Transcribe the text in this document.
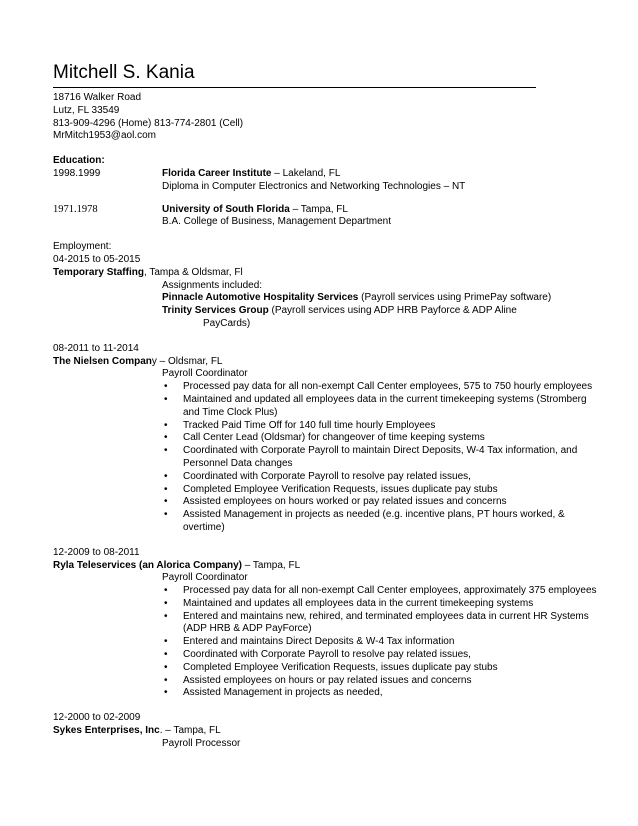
Mitchell S. Kania
18716 Walker Road
Lutz, FL 33549
813-909-4296 (Home) 813-774-2801 (Cell)
MrMitch1953@aol.com
Education:
1998.1999	Florida Career Institute – Lakeland, FL
Diploma in Computer Electronics and Networking Technologies – NT
1971.1978	University of South Florida – Tampa, FL
B.A. College of Business, Management Department
Employment:
04-2015 to 05-2015
Temporary Staffing, Tampa & Oldsmar, Fl
Assignments included:
Pinnacle Automotive Hospitality Services (Payroll services using PrimePay software)
Trinity Services Group (Payroll services using ADP HRB Payforce & ADP Aline
PayCards)
08-2011 to 11-2014
The Nielsen Company – Oldsmar, FL
Payroll Coordinator
•	Processed pay data for all non-exempt Call Center employees, 575 to 750 hourly employees
•	Maintained and updated all employees data in the current timekeeping systems (Stromberg and Time Clock Plus)
•	Tracked Paid Time Off for 140 full time hourly Employees
•	Call Center Lead (Oldsmar) for changeover of time keeping systems
•	Coordinated with Corporate Payroll to maintain Direct Deposits, W-4 Tax information, and Personnel Data changes
•	Coordinated with Corporate Payroll to resolve pay related issues,
•	Completed Employee Verification Requests, issues duplicate pay stubs
•	Assisted employees on hours worked or pay related issues and concerns
•	Assisted Management in projects as needed (e.g. incentive plans, PT hours worked, & overtime)
12-2009 to 08-2011
Ryla Teleservices (an Alorica Company) – Tampa, FL
Payroll Coordinator
•	Processed pay data for all non-exempt Call Center employees, approximately 375 employees
•	Maintained and updates all employees data in the current timekeeping systems
•	Entered and maintains new, rehired, and terminated employees data in current HR Systems (ADP HRB & ADP PayForce)
•	Entered and maintains Direct Deposits & W-4 Tax information
•	Coordinated with Corporate Payroll to resolve pay related issues,
•	Completed Employee Verification Requests, issues duplicate pay stubs
•	Assisted employees on hours or pay related issues and concerns
•	Assisted Management in projects as needed,
12-2000 to 02-2009
Sykes Enterprises, Inc. – Tampa, FL
Payroll Processor
